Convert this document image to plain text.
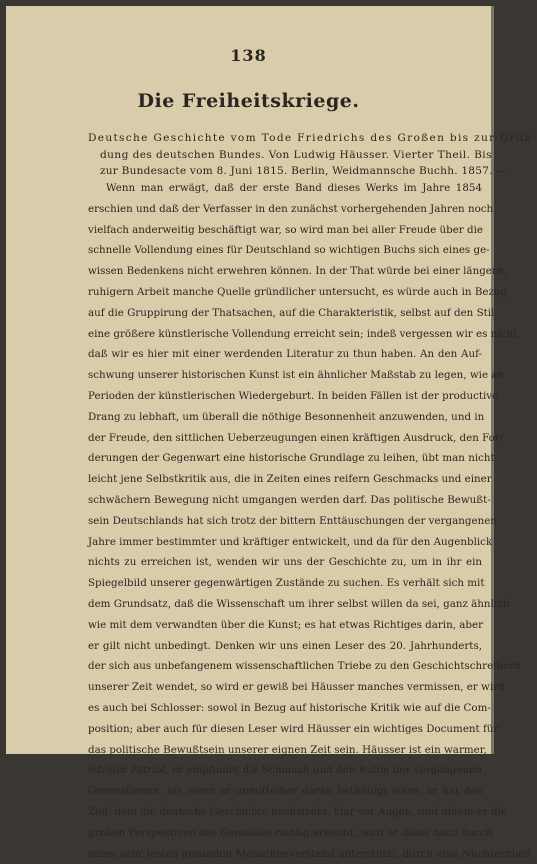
138
Die Freiheitskriege.
Deutsche Geschichte vom Tode Friedrichs des Großen bis zur Grün-
dung des deutschen Bundes. Von Ludwig Häusser. Vierter Theil. Bis
zur Bundesacte vom 8. Juni 1815. Berlin, Weidmannsche Buchh. 1857. —
Wenn man erwägt, daß der erste Band dieses Werks im Jahre 1854
erschien und daß der Verfasser in den zunächst vorhergehenden Jahren noch
vielfach anderweitig beschäftigt war, so wird man bei aller Freude über die
schnelle Vollendung eines für Deutschland so wichtigen Buchs sich eines ge-
wissen Bedenkens nicht erwehren können. In der That würde bei einer längern,
ruhigern Arbeit manche Quelle gründlicher untersucht, es würde auch in Bezug
auf die Gruppirung der Thatsachen, auf die Charakteristik, selbst auf den Stil
eine größere künstlerische Vollendung erreicht sein; indeß vergessen wir es nicht,
daß wir es hier mit einer werdenden Literatur zu thun haben. An den Auf-
schwung unserer historischen Kunst ist ein ähnlicher Maßstab zu legen, wie an
Perioden der künstlerischen Wiedergeburt. In beiden Fällen ist der productive
Drang zu lebhaft, um überall die nöthige Besonnenheit anzuwenden, und in
der Freude, den sittlichen Ueberzeugungen einen kräftigen Ausdruck, den For-
derungen der Gegenwart eine historische Grundlage zu leihen, übt man nicht
leicht jene Selbstkritik aus, die in Zeiten eines reifern Geschmacks und einer
schwächern Bewegung nicht umgangen werden darf. Das politische Bewußt-
sein Deutschlands hat sich trotz der bittern Enttäuschungen der vergangenen
Jahre immer bestimmter und kräftiger entwickelt, und da für den Augenblick
nichts zu erreichen ist, wenden wir uns der Geschichte zu, um in ihr ein
Spiegelbild unserer gegenwärtigen Zustände zu suchen. Es verhält sich mit
dem Grundsatz, daß die Wissenschaft um ihrer selbst willen da sei, ganz ähnlich
wie mit dem verwandten über die Kunst; es hat etwas Richtiges darin, aber
er gilt nicht unbedingt. Denken wir uns einen Leser des 20. Jahrhunderts,
der sich aus unbefangenem wissenschaftlichen Triebe zu den Geschichtschreibern
unserer Zeit wendet, so wird er gewiß bei Häusser manches vermissen, er wird
es auch bei Schlosser: sowol in Bezug auf historische Kritik wie auf die Com-
position; aber auch für diesen Leser wird Häusser ein wichtiges Document für
das politische Bewußtsein unserer eignen Zeit sein. Häusser ist ein warmer,
eifriger Patriot, er empfindet die Schmach und den Ruhm der vergangenen
Generationen, als wenn er unmittelbar daran betheiligt wäre, er hat das
Ziel, dem die deutsche Geschichte nachstrebt, klar vor Augen, und indem er die
großen Perspectiven des Gemäldes richtig erkennt, wird er dabei noch durch
einen sehr festen gesunden Menschenverstand unterstützt, durch eine Nüchternheit
